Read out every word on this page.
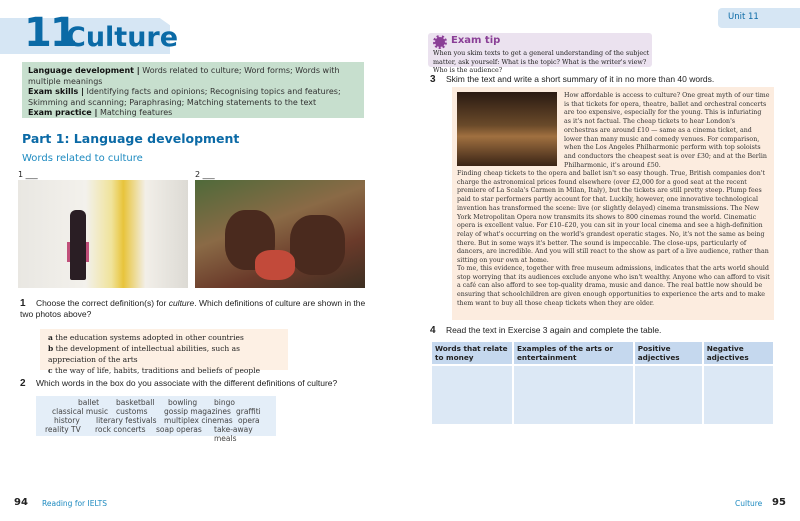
11
Culture
Language development | Words related to culture; Word forms; Words with multiple meanings
Exam skills | Identifying facts and opinions; Recognising topics and features; Skimming and scanning; Paraphrasing; Matching statements to the text
Exam practice | Matching features
Part 1: Language development
Words related to culture
1 ___	2 ___
1 Choose the correct definition(s) for culture. Which definitions of culture are shown in the two photos above?
a the education systems adopted in other countries
b the development of intellectual abilities, such as appreciation of the arts
c the way of life, habits, traditions and beliefs of people
2 Which words in the box do you associate with the different definitions of culture?
ballet basketball bowling bingo
classical music customs gossip magazines graffiti
history literary festivals multiplex cinemas opera
reality TV rock concerts soap operas take-away meals
94 Reading for IELTS
Unit 11
Exam tip
When you skim texts to get a general understanding of the subject matter, ask yourself: What is the topic? What is the writer's view? Who is the audience?
3 Skim the text and write a short summary of it in no more than 40 words.
How affordable is access to culture? One great myth of our time is that tickets for opera, theatre, ballet and orchestral concerts are too expensive, especially for the young. This is infuriating as it's not factual. The cheap tickets to hear London's orchestras are around £10 — same as a cinema ticket, and lower than many music and comedy venues. For comparison, when the Los Angeles Philharmonic perform with top soloists and conductors the cheapest seat is over £30; and at the Berlin Philharmonic, it's around £50.
Finding cheap tickets to the opera and ballet isn't so easy though. True, British companies don't charge the astronomical prices found elsewhere (over £2,000 for a good seat at the recent premiere of La Scala's Carmen in Milan, Italy), but the tickets are still pretty steep. Plump fees paid to star performers partly account for that. Luckily, however, one innovative technological invention has transformed the scene: live (or slightly delayed) cinema transmissions. The New York Metropolitan Opera now transmits its shows to 800 cinemas round the world. Cinematic opera is excellent value. For £10–£20, you can sit in your local cinema and see a high-definition relay of what's occurring on the world's grandest operatic stages. No, it's not the same as being there. But in some ways it's better. The sound is impeccable. The close-ups, particularly of dancers, are incredible. And you will still react to the show as part of a live audience, rather than sitting on your own at home.
To me, this evidence, together with free museum admissions, indicates that the arts world should stop worrying that its audiences exclude anyone who isn't wealthy. Anyone who can afford to visit a café can also afford to see top-quality drama, music and dance. The real battle now should be ensuring that schoolchildren are given enough opportunities to experience the arts and to make them want to buy all those cheap tickets when they are older.
4 Read the text in Exercise 3 again and complete the table.
Words that relate to money	Examples of the arts or entertainment	Positive adjectives	Negative adjectives

Culture 95
